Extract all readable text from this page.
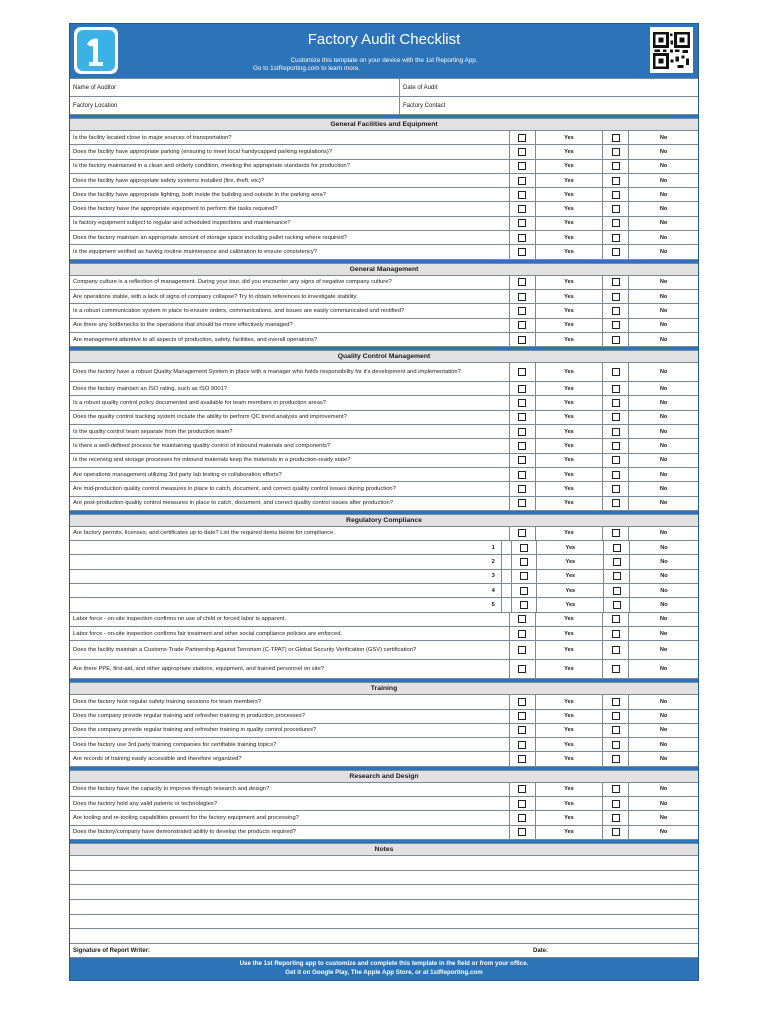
Factory Audit Checklist
Customize this template on your device with the 1st Reporting App.
Go to 1stReporting.com to learn more.
Name of Auditor	Date of Audit
Factory Location	Factory Contact
General Facilities and Equipment
Is the facility located close to major sources of transportation?	Yes	No
Does the facility have appropriate parking (ensuring to meet local handycapped parking regulations)?	Yes	No
Is the factory maintained in a clean and orderly condition, meeting the appropriate standards for production?	Yes	No
Does the facility have appropriate safety systems installed (fire, theft, etc)?	Yes	No
Does the facility have appropriate lighting, both inside the building and outside in the parking area?	Yes	No
Does the factory have the appropriate equipment to perform the tasks required?	Yes	No
Is factory equipment subject to regular and scheduled inspections and maintenance?	Yes	No
Does the factory maintain an appropriate amount of storage space including pallet racking where required?	Yes	No
Is the equipment verified as having routine maintenance and calibration to ensure consistency?	Yes	No
General Management
Company culture is a reflection of management. During your tour, did you encounter any signs of negative company culture?	Yes	No
Are operations stable, with a lack of signs of company collapse? Try to obtain references to investigate stability.	Yes	No
Is a robust communication system in place to ensure orders, communications, and issues are easily communicated and rectified?	Yes	No
Are there any bottlenecks to the operations that should be more effectively managed?	Yes	No
Are management attentive to all aspects of production, safety, facilities, and overall operations?	Yes	No
Quality Control Management
Does the factory have a robust Quality Management System in place with a manager who holds responsibility for it's development and implementation?	Yes	No
Does the factory maintain an ISO rating, such as ISO 9001?	Yes	No
Is a robust quality control policy documented and available for team members in production areas?	Yes	No
Does the quality control tracking system include the ability to perform QC trend analysis and improvement?	Yes	No
Is the quality control team separate from the production team?	Yes	No
Is there a well-defined process for maintaining quality control of inbound materials and components?	Yes	No
Is the receiving and storage processes for inbound materials keep the materials in a production-ready state?	Yes	No
Are operations management utilizing 3rd party lab testing or collaboration efforts?	Yes	No
Are mid-production quality control measures in place to catch, document, and correct quality control issues during production?	Yes	No
Are post-production quality control measures in place to catch, document, and correct quality control issues after production?	Yes	No
Regulatory Compliance
Are factory permits, licenses, and certificates up to date? List the required items below for compliance.	Yes	No
1	Yes	No
2	Yes	No
3	Yes	No
4	Yes	No
5	Yes	No
Labor force - on-site inspection confirms no use of child or forced labor is apparent.	Yes	No
Labor force - on-site inspection confirms fair treatment and other social compliance policies are enforced.	Yes	No
Does the facility maintain a Customs-Trade Partnership Against Terrorism (C-TPAT) or Global Security Verification (GSV) certification?	Yes	No
Are there PPE, first-aid, and other appropriate stations, equipment, and trained personnel on site?	Yes	No
Training
Does the factory host regular safety training sessions for team members?	Yes	No
Does the company provide regular training and refresher training in production processes?	Yes	No
Does the company provide regular training and refresher training in quality control procedures?	Yes	No
Does the factory use 3rd party training companies for certifiable training topics?	Yes	No
Are records of training easily accessible and therefore organized?	Yes	No
Research and Design
Does the factory have the capacity to improve through research and design?	Yes	No
Does the factory hold any valid patents or technologies?	Yes	No
Are tooling and re-tooling capabilities present for the factory equipment and processing?	Yes	No
Does the factory/company have demonstrated ability to develop the products required?	Yes	No
Notes
Signature of Report Writer:	Date:
Use the 1st Reporting app to customize and complete this template in the field or from your office.
Get it on Google Play, The Apple App Store, or at 1stReporting.com
